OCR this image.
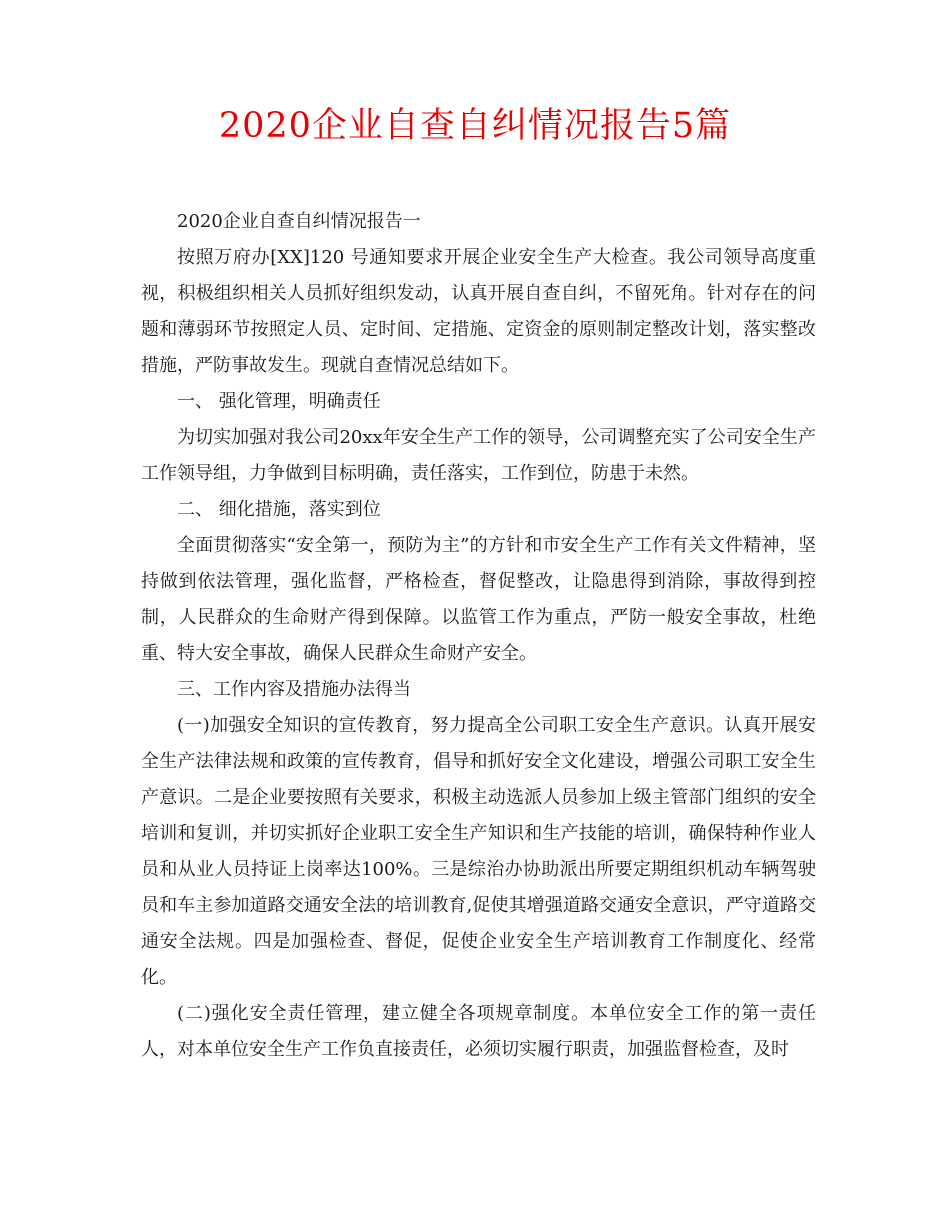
2020企业自查自纠情况报告5篇

2020企业自查自纠情况报告一

按照万府办[XX]120 号通知要求开展企业安全生产大检查。我公司领导高度重视，积极组织相关人员抓好组织发动，认真开展自查自纠，不留死角。针对存在的问题和薄弱环节按照定人员、定时间、定措施、定资金的原则制定整改计划，落实整改措施，严防事故发生。现就自查情况总结如下。

一、 强化管理，明确责任

为切实加强对我公司20xx年安全生产工作的领导，公司调整充实了公司安全生产工作领导组，力争做到目标明确，责任落实，工作到位，防患于未然。

二、 细化措施，落实到位

全面贯彻落实“安全第一，预防为主”的方针和市安全生产工作有关文件精神，坚持做到依法管理，强化监督，严格检查，督促整改，让隐患得到消除，事故得到控制，人民群众的生命财产得到保障。以监管工作为重点，严防一般安全事故，杜绝重、特大安全事故，确保人民群众生命财产安全。

三、工作内容及措施办法得当

(一)加强安全知识的宣传教育，努力提高全公司职工安全生产意识。认真开展安全生产法律法规和政策的宣传教育，倡导和抓好安全文化建设，增强公司职工安全生产意识。二是企业要按照有关要求，积极主动选派人员参加上级主管部门组织的安全培训和复训，并切实抓好企业职工安全生产知识和生产技能的培训，确保特种作业人员和从业人员持证上岗率达100%。三是综治办协助派出所要定期组织机动车辆驾驶员和车主参加道路交通安全法的培训教育,促使其增强道路交通安全意识，严守道路交通安全法规。四是加强检查、督促，促使企业安全生产培训教育工作制度化、经常化。

(二)强化安全责任管理，建立健全各项规章制度。本单位安全工作的第一责任人，对本单位安全生产工作负直接责任，必须切实履行职责，加强监督检查，及时
